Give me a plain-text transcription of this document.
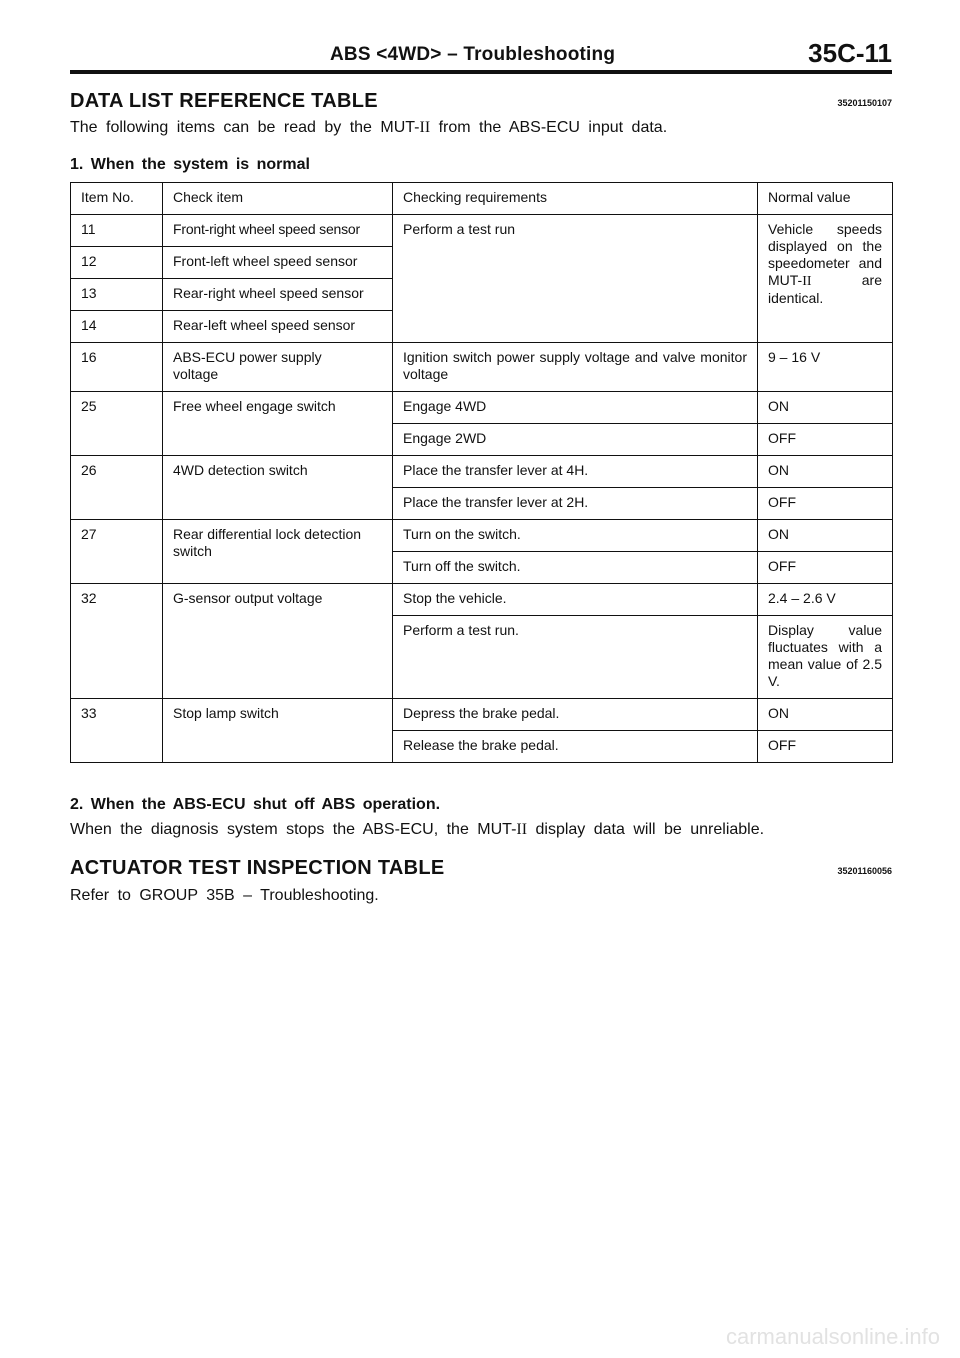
ABS <4WD> – Troubleshooting	35C-11
DATA LIST REFERENCE TABLE	35201150107
The following items can be read by the MUT-II from the ABS-ECU input data.
1. When the system is normal
Item No.	Check item	Checking requirements	Normal value
11	Front-right wheel speed sensor	Perform a test run	Vehicle speeds displayed on the speedometer and MUT-II are identical.
12	Front-left wheel speed sensor		
13	Rear-right wheel speed sensor		
14	Rear-left wheel speed sensor		
16	ABS-ECU power supply voltage	Ignition switch power supply voltage and valve monitor voltage	9 – 16 V
25	Free wheel engage switch	Engage 4WD	ON
		Engage 2WD	OFF
26	4WD detection switch	Place the transfer lever at 4H.	ON
		Place the transfer lever at 2H.	OFF
27	Rear differential lock detection switch	Turn on the switch.	ON
		Turn off the switch.	OFF
32	G-sensor output voltage	Stop the vehicle.	2.4 – 2.6 V
		Perform a test run.	Display value fluctuates with a mean value of 2.5 V.
33	Stop lamp switch	Depress the brake pedal.	ON
		Release the brake pedal.	OFF
2. When the ABS-ECU shut off ABS operation.
When the diagnosis system stops the ABS-ECU, the MUT-II display data will be unreliable.
ACTUATOR TEST INSPECTION TABLE	35201160056
Refer to GROUP 35B – Troubleshooting.
carmanualsonline.info
